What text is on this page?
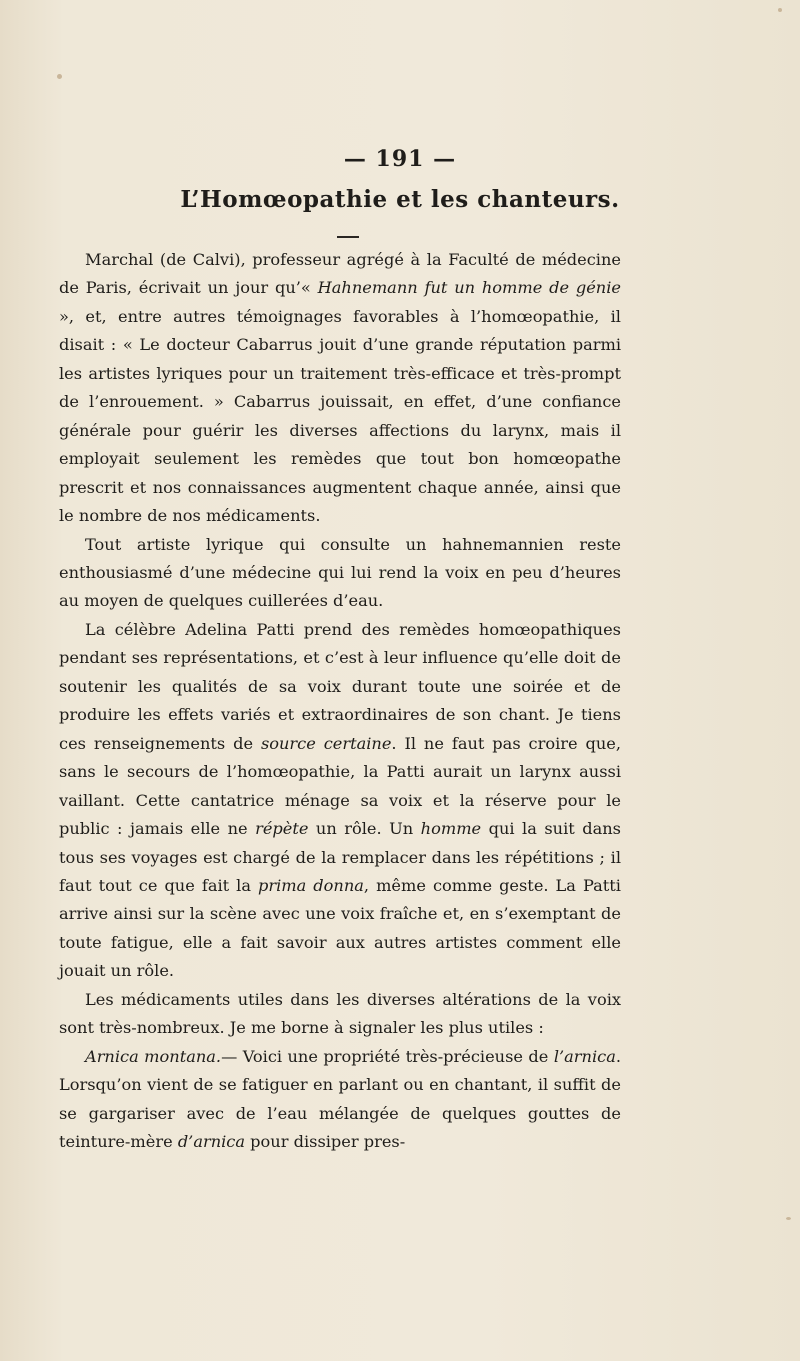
— 191 —
L’Homœopathie et les chanteurs.

Marchal (de Calvi), professeur agrégé à la Faculté de médecine de Paris, écrivait un jour qu’« Hahnemann fut un homme de génie », et, entre autres témoignages favorables à l’homœopathie, il disait : « Le docteur Cabarrus jouit d’une grande réputation parmi les artistes lyriques pour un traitement très-efficace et très-prompt de l’enrouement. » Cabarrus jouissait, en effet, d’une confiance générale pour guérir les diverses affections du larynx, mais il employait seulement les remèdes que tout bon homœopathe prescrit et nos connaissances augmentent chaque année, ainsi que le nombre de nos médicaments.

Tout artiste lyrique qui consulte un hahnemannien reste enthousiasmé d’une médecine qui lui rend la voix en peu d’heures au moyen de quelques cuillerées d’eau.

La célèbre Adelina Patti prend des remèdes homœopathiques pendant ses représentations, et c’est à leur influence qu’elle doit de soutenir les qualités de sa voix durant toute une soirée et de produire les effets variés et extraordinaires de son chant. Je tiens ces renseignements de source certaine. Il ne faut pas croire que, sans le secours de l’homœopathie, la Patti aurait un larynx aussi vaillant. Cette cantatrice ménage sa voix et la réserve pour le public : jamais elle ne répète un rôle. Un homme qui la suit dans tous ses voyages est chargé de la remplacer dans les répétitions ; il faut tout ce que fait la prima donna, même comme geste. La Patti arrive ainsi sur la scène avec une voix fraîche et, en s’exemptant de toute fatigue, elle a fait savoir aux autres artistes comment elle jouait un rôle.

Les médicaments utiles dans les diverses altérations de la voix sont très-nombreux. Je me borne à signaler les plus utiles :

Arnica montana.— Voici une propriété très-précieuse de l’arnica. Lorsqu’on vient de se fatiguer en parlant ou en chantant, il suffit de se gargariser avec de l’eau mélangée de quelques gouttes de teinture-mère d’arnica pour dissiper pres-
